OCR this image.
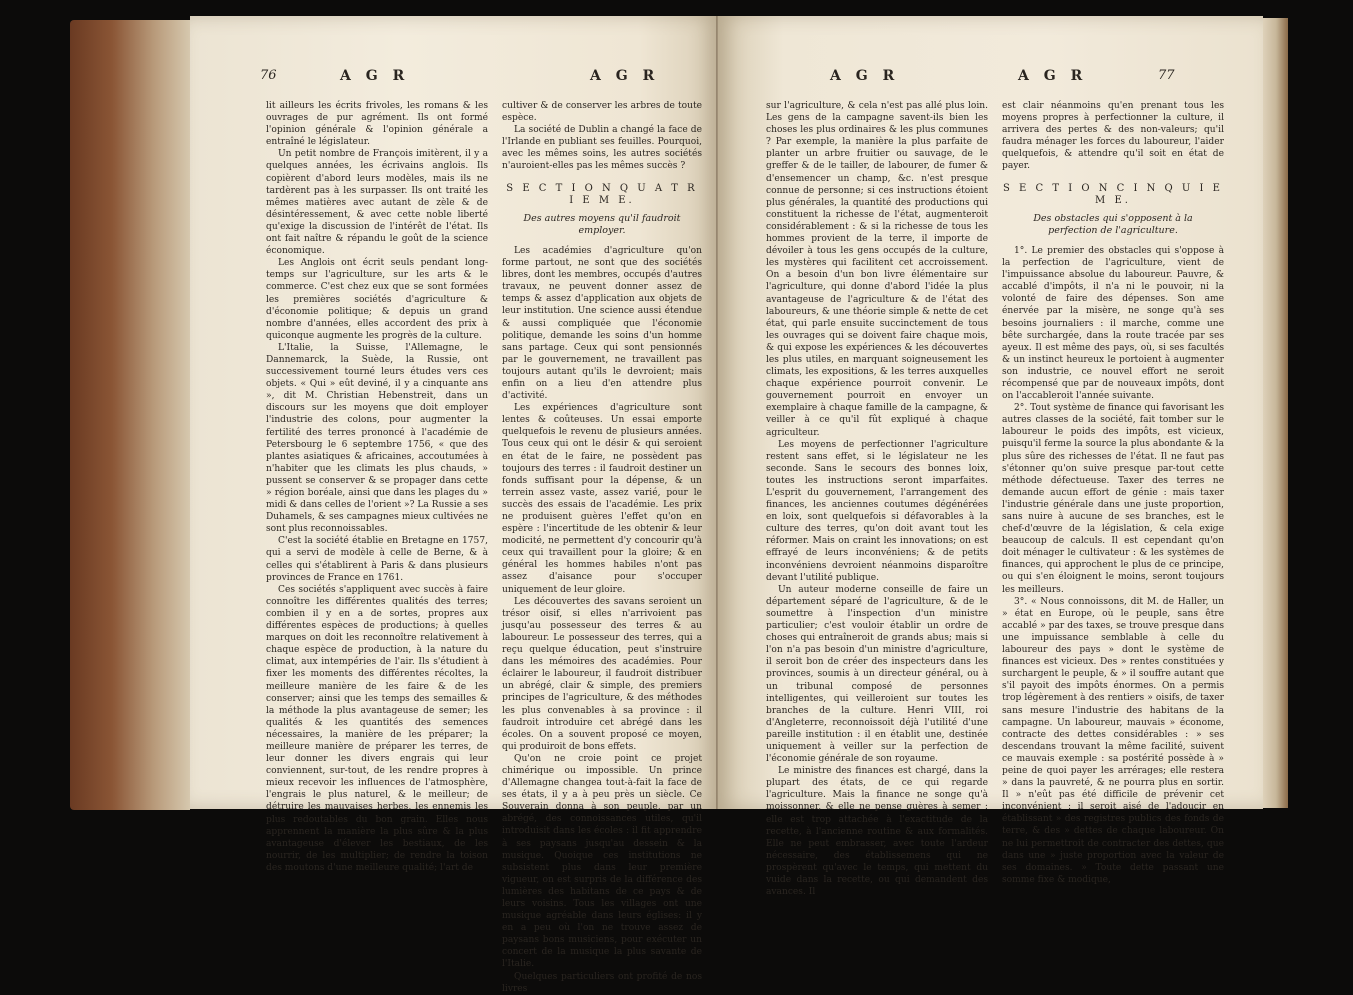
76	A G R	A G R

lit ailleurs les écrits frivoles, les romans & les ouvrages de pur agrément. Ils ont formé l'opinion générale & l'opinion générale a entraîné le législateur.

Un petit nombre de François imitèrent, il y a quelques années, les écrivains anglois. Ils copièrent d'abord leurs modèles, mais ils ne tardèrent pas à les surpasser. Ils ont traité les mêmes matières avec autant de zèle & de désintéressement, & avec cette noble liberté qu'exige la discussion de l'intérêt de l'état. Ils ont fait naître & répandu le goût de la science économique.

Les Anglois ont écrit seuls pendant long-temps sur l'agriculture, sur les arts & le commerce. C'est chez eux que se sont formées les premières sociétés d'agriculture & d'économie politique; & depuis un grand nombre d'années, elles accordent des prix à quiconque augmente les progrès de la culture.

L'Italie, la Suisse, l'Allemagne, le Dannemarck, la Suède, la Russie, ont successivement tourné leurs études vers ces objets. « Qui » eût deviné, il y a cinquante ans », dit M. Christian Hebenstreit, dans un discours sur les moyens que doit employer l'industrie des colons, pour augmenter la fertilité des terres prononcé à l'académie de Petersbourg le 6 septembre 1756, « que des plantes asiatiques & africaines, accoutumées à n'habiter que les climats les plus chauds, » pussent se conserver & se propager dans cette » région boréale, ainsi que dans les plages du » midi & dans celles de l'orient »? La Russie a ses Duhamels, & ses campagnes mieux cultivées ne sont plus reconnoissables.

C'est la société établie en Bretagne en 1757, qui a servi de modèle à celle de Berne, & à celles qui s'établirent à Paris & dans plusieurs provinces de France en 1761.

Ces sociétés s'appliquent avec succès à faire connoître les différentes qualités des terres; combien il y en a de sortes, propres aux différentes espèces de productions; à quelles marques on doit les reconnoître relativement à chaque espèce de production, à la nature du climat, aux intempéries de l'air. Ils s'étudient à fixer les moments des différentes récoltes, la meilleure manière de les faire & de les conserver; ainsi que les temps des semailles & la méthode la plus avantageuse de semer; les qualités & les quantités des semences nécessaires, la manière de les préparer; la meilleure manière de préparer les terres, de leur donner les divers engrais qui leur conviennent, sur-tout, de les rendre propres à mieux recevoir les influences de l'atmosphère, l'engrais le plus naturel, & le meilleur; de détruire les mauvaises herbes, les ennemis les plus redoutables du bon grain. Elles nous apprennent la manière la plus sûre & la plus avantageuse d'élever les bestiaux, de les nourrir, de les multiplier; de rendre la toison des moutons d'une meilleure qualité; l'art de

cultiver & de conserver les arbres de toute espèce.

La société de Dublin a changé la face de l'Irlande en publiant ses feuilles. Pourquoi, avec les mêmes soins, les autres sociétés n'auroient-elles pas les mêmes succès ?

S E C T I O N Q U A T R I E M E.
Des autres moyens qu'il faudroit employer.

Les académies d'agriculture qu'on forme partout, ne sont que des sociétés libres, dont les membres, occupés d'autres travaux, ne peuvent donner assez de temps & assez d'application aux objets de leur institution. Une science aussi étendue & aussi compliquée que l'économie politique, demande les soins d'un homme sans partage. Ceux qui sont pensionnés par le gouvernement, ne travaillent pas toujours autant qu'ils le devroient; mais enfin on a lieu d'en attendre plus d'activité.

Les expériences d'agriculture sont lentes & coûteuses. Un essai emporte quelquefois le revenu de plusieurs années. Tous ceux qui ont le désir & qui seroient en état de le faire, ne possèdent pas toujours des terres : il faudroit destiner un fonds suffisant pour la dépense, & un terrein assez vaste, assez varié, pour le succès des essais de l'académie. Les prix ne produisent guères l'effet qu'on en espère : l'incertitude de les obtenir & leur modicité, ne permettent d'y concourir qu'à ceux qui travaillent pour la gloire; & en général les hommes habiles n'ont pas assez d'aisance pour s'occuper uniquement de leur gloire.

Les découvertes des savans seroient un trésor oisif, si elles n'arrivoient pas jusqu'au possesseur des terres & au laboureur. Le possesseur des terres, qui a reçu quelque éducation, peut s'instruire dans les mémoires des académies. Pour éclairer le laboureur, il faudroit distribuer un abrégé, clair & simple, des premiers principes de l'agriculture, & des méthodes les plus convenables à sa province : il faudroit introduire cet abrégé dans les écoles. On a souvent proposé ce moyen, qui produiroit de bons effets.

Qu'on ne croie point ce projet chimérique ou impossible. Un prince d'Allemagne changea tout-à-fait la face de ses états, il y a à peu près un siècle. Ce Souverain donna à son peuple, par un abrégé, des connoissances utiles, qu'il introduisit dans les écoles : il fit apprendre à ses paysans jusqu'au dessein & la musique. Quoique ces institutions ne subsistent plus dans leur première vigueur, on est surpris de la différence des lumières des habitans de ce pays & de leurs voisins. Tous les villages ont une musique agréable dans leurs églises: il y en a peu où l'on ne trouve assez de paysans bons musiciens, pour exécuter un concert de la musique la plus savante de l'Italie.

Quelques particuliers ont profité de nos livres

A G R	A G R	77

sur l'agriculture, & cela n'est pas allé plus loin. Les gens de la campagne savent-ils bien les choses les plus ordinaires & les plus communes ? Par exemple, la manière la plus parfaite de planter un arbre fruitier ou sauvage, de le greffer & de le tailler, de labourer, de fumer & d'ensemencer un champ, &c. n'est presque connue de personne; si ces instructions étoient plus générales, la quantité des productions qui constituent la richesse de l'état, augmenteroit considérablement : & si la richesse de tous les hommes provient de la terre, il importe de dévoiler à tous les gens occupés de la culture, les mystères qui facilitent cet accroissement. On a besoin d'un bon livre élémentaire sur l'agriculture, qui donne d'abord l'idée la plus avantageuse de l'agriculture & de l'état des laboureurs, & une théorie simple & nette de cet état, qui parle ensuite succinctement de tous les ouvrages qui se doivent faire chaque mois, & qui expose les expériences & les découvertes les plus utiles, en marquant soigneusement les climats, les expositions, & les terres auxquelles chaque expérience pourroit convenir. Le gouvernement pourroit en envoyer un exemplaire à chaque famille de la campagne, & veiller à ce qu'il fût expliqué à chaque agriculteur.

Les moyens de perfectionner l'agriculture restent sans effet, si le législateur ne les seconde. Sans le secours des bonnes loix, toutes les instructions seront imparfaites. L'esprit du gouvernement, l'arrangement des finances, les anciennes coutumes dégénérées en loix, sont quelquefois si défavorables à la culture des terres, qu'on doit avant tout les réformer. Mais on craint les innovations; on est effrayé de leurs inconvéniens; & de petits inconvéniens devroient néanmoins disparoître devant l'utilité publique.

Un auteur moderne conseille de faire un département séparé de l'agriculture, & de le soumettre à l'inspection d'un ministre particulier; c'est vouloir établir un ordre de choses qui entraîneroit de grands abus; mais si l'on n'a pas besoin d'un ministre d'agriculture, il seroit bon de créer des inspecteurs dans les provinces, soumis à un directeur général, ou à un tribunal composé de personnes intelligentes, qui veilleroient sur toutes les branches de la culture. Henri VIII, roi d'Angleterre, reconnoissoit déjà l'utilité d'une pareille institution : il en établit une, destinée uniquement à veiller sur la perfection de l'économie générale de son royaume.

Le ministre des finances est chargé, dans la plupart des états, de ce qui regarde l'agriculture. Mais la finance ne songe qu'à moissonner, & elle ne pense guères à semer : elle est trop attachée à l'exactitude de la recette, à l'ancienne routine & aux formalités. Elle ne peut embrasser, avec toute l'ardeur nécessaire, des établissemens qui ne prospèrent qu'avec le temps, qui mettent du vuide dans la recette, ou qui demandent des avances. Il

est clair néanmoins qu'en prenant tous les moyens propres à perfectionner la culture, il arrivera des pertes & des non-valeurs; qu'il faudra ménager les forces du laboureur, l'aider quelquefois, & attendre qu'il soit en état de payer.

S E C T I O N C I N Q U I E M E.
Des obstacles qui s'opposent à la perfection de l'agriculture.

1°. Le premier des obstacles qui s'oppose à la perfection de l'agriculture, vient de l'impuissance absolue du laboureur. Pauvre, & accablé d'impôts, il n'a ni le pouvoir, ni la volonté de faire des dépenses. Son ame énervée par la misère, ne songe qu'à ses besoins journaliers : il marche, comme une bête surchargée, dans la route tracée par ses ayeux. Il est même des pays, où, si ses facultés & un instinct heureux le portoient à augmenter son industrie, ce nouvel effort ne seroit récompensé que par de nouveaux impôts, dont on l'accableroit l'année suivante.

2°. Tout système de finance qui favorisant les autres classes de la société, fait tomber sur le laboureur le poids des impôts, est vicieux, puisqu'il ferme la source la plus abondante & la plus sûre des richesses de l'état. Il ne faut pas s'étonner qu'on suive presque par-tout cette méthode défectueuse. Taxer des terres ne demande aucun effort de génie : mais taxer l'industrie générale dans une juste proportion, sans nuire à aucune de ses branches, est le chef-d'œuvre de la législation, & cela exige beaucoup de calculs. Il est cependant qu'on doit ménager le cultivateur : & les systèmes de finances, qui approchent le plus de ce principe, ou qui s'en éloignent le moins, seront toujours les meilleurs.

3°. « Nous connoissons, dit M. de Haller, un » état en Europe, où le peuple, sans être accablé » par des taxes, se trouve presque dans une impuissance semblable à celle du laboureur des pays » dont le système de finances est vicieux. Des » rentes constituées y surchargent le peuple, & » il souffre autant que s'il payoit des impôts énormes. On a permis trop légèrement à des rentiers » oisifs, de taxer sans mesure l'industrie des habitans de la campagne. Un laboureur, mauvais » économe, contracte des dettes considérables : » ses descendans trouvant la même facilité, suivent ce mauvais exemple : sa postérité possède à » peine de quoi payer les arrérages; elle restera » dans la pauvreté, & ne pourra plus en sortir. Il » n'eût pas été difficile de prévenir cet inconvénient : il seroit aisé de l'adoucir en établissant » des registres publics des fonds de terre, & des » dettes de chaque laboureur. On ne lui permettroit de contracter des dettes, que dans une » juste proportion avec la valeur de ses domaines. » Toute dette passant une somme fixe & modique,
